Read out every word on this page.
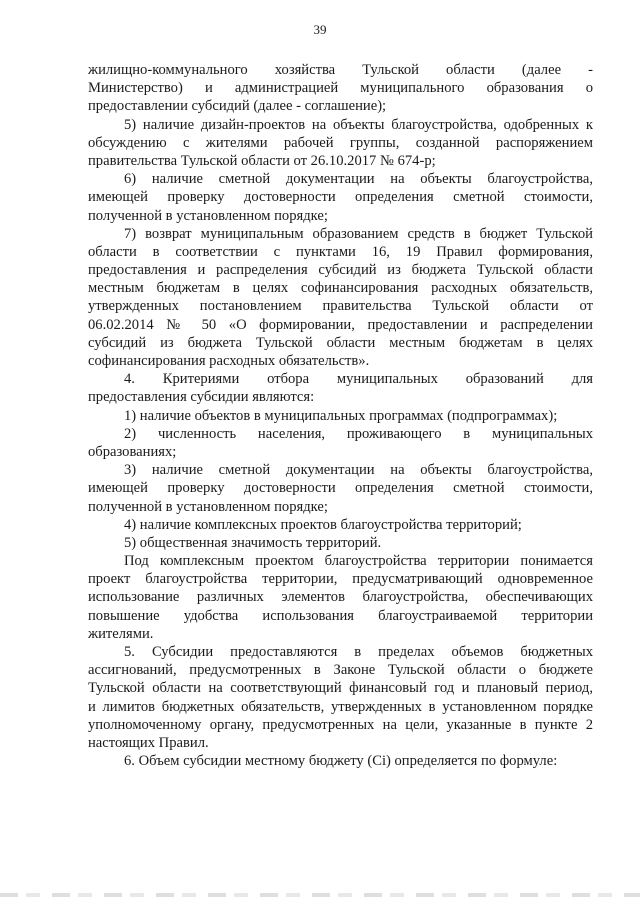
39
жилищно-коммунального хозяйства Тульской области (далее -
Министерство) и администрацией муниципального образования о
предоставлении субсидий (далее - соглашение);
5) наличие дизайн-проектов на объекты благоустройства, одобренных к
обсуждению с жителями рабочей группы, созданной распоряжением
правительства Тульской области от 26.10.2017 № 674-р;
6) наличие сметной документации на объекты благоустройства,
имеющей проверку достоверности определения сметной стоимости,
полученной в установленном порядке;
7) возврат муниципальным образованием средств в бюджет Тульской
области в соответствии с пунктами 16, 19 Правил формирования,
предоставления и распределения субсидий из бюджета Тульской области
местным бюджетам в целях софинансирования расходных обязательств,
утвержденных постановлением правительства Тульской области от
06.02.2014 № 50 «О формировании, предоставлении и распределении
субсидий из бюджета Тульской области местным бюджетам в целях
софинансирования расходных обязательств».
4. Критериями отбора муниципальных образований для
предоставления субсидии являются:
1) наличие объектов в муниципальных программах (подпрограммах);
2) численность населения, проживающего в муниципальных
образованиях;
3) наличие сметной документации на объекты благоустройства,
имеющей проверку достоверности определения сметной стоимости,
полученной в установленном порядке;
4) наличие комплексных проектов благоустройства территорий;
5) общественная значимость территорий.
Под комплексным проектом благоустройства территории понимается
проект благоустройства территории, предусматривающий одновременное
использование различных элементов благоустройства, обеспечивающих
повышение удобства использования благоустраиваемой территории
жителями.
5. Субсидии предоставляются в пределах объемов бюджетных
ассигнований, предусмотренных в Законе Тульской области о бюджете
Тульской области на соответствующий финансовый год и плановый период,
и лимитов бюджетных обязательств, утвержденных в установленном порядке
уполномоченному органу, предусмотренных на цели, указанные в пункте 2
настоящих Правил.
6. Объем субсидии местному бюджету (Ci) определяется по формуле:
